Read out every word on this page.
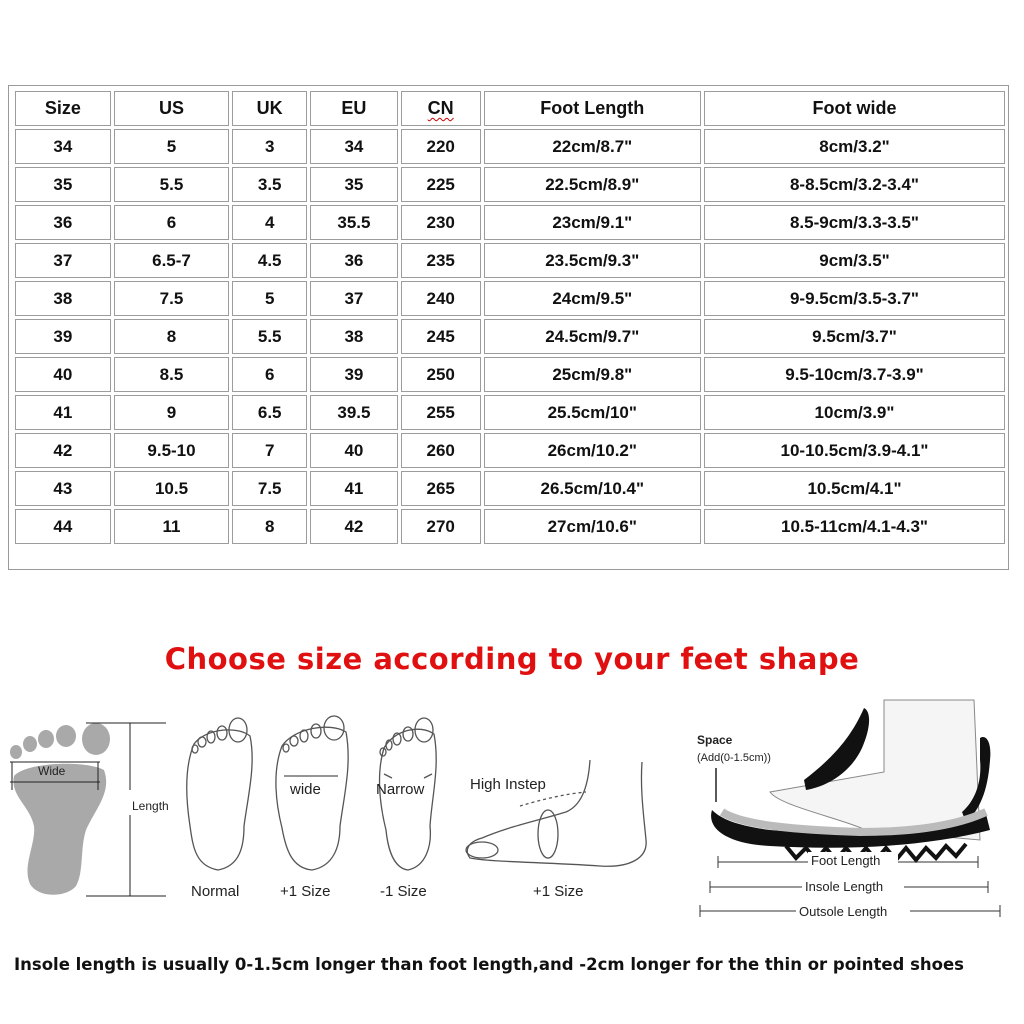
Size	US	UK	EU	CN	Foot Length	Foot wide
34	5	3	34	220	22cm/8.7"	8cm/3.2"
35	5.5	3.5	35	225	22.5cm/8.9"	8-8.5cm/3.2-3.4"
36	6	4	35.5	230	23cm/9.1"	8.5-9cm/3.3-3.5"
37	6.5-7	4.5	36	235	23.5cm/9.3"	9cm/3.5"
38	7.5	5	37	240	24cm/9.5"	9-9.5cm/3.5-3.7"
39	8	5.5	38	245	24.5cm/9.7"	9.5cm/3.7"
40	8.5	6	39	250	25cm/9.8"	9.5-10cm/3.7-3.9"
41	9	6.5	39.5	255	25.5cm/10"	10cm/3.9"
42	9.5-10	7	40	260	26cm/10.2"	10-10.5cm/3.9-4.1"
43	10.5	7.5	41	265	26.5cm/10.4"	10.5cm/4.1"
44	11	8	42	270	27cm/10.6"	10.5-11cm/4.1-4.3"
Choose size according to your feet shape
Wide
Length
Normal
wide
+1 Size
Narrow
-1 Size
High Instep
+1 Size
Space
(Add(0-1.5cm))
Foot Length
Insole Length
Outsole Length
Insole length is usually 0-1.5cm longer than foot length,and -2cm longer for the thin or pointed shoes
